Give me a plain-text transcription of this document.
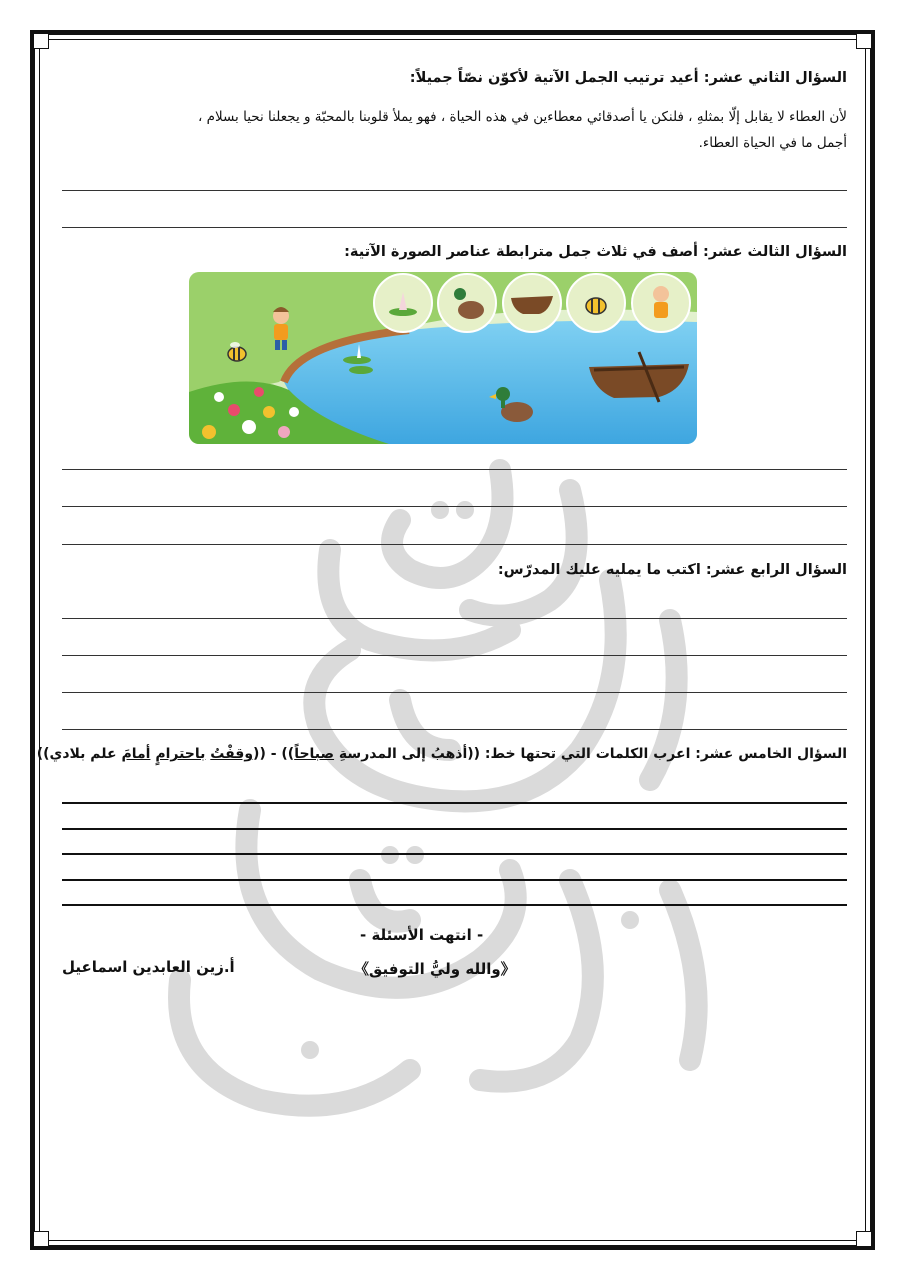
السؤال الثاني عشر: أعيد ترتيب الجمل الآتية لأكوّن نصّاً جميلاً:
لأن العطاء لا يقابل إلّا بمثلهِ ، فلنكن يا أصدقائي معطاءين في هذه الحياة ، فهو يملأ قلوبنا بالمحبّة و يجعلنا نحيا بسلام ،
أجمل ما في الحياة العطاء.
السؤال الثالث عشر: أصف في ثلاث جمل مترابطة عناصر الصورة الآتية:
السؤال الرابع عشر: اكتب ما يمليه عليك المدرّس:
السؤال الخامس عشر: اعرب الكلمات التي تحتها خط: ((أذهبُ إلى المدرسةِ صباحاً)) - ((وقفْتُ باحترامٍ أمامَ علم بلادي))
- انتهت الأسئلة -
《والله وليُّ التوفيق》
أ.زين العابدين اسماعيل
